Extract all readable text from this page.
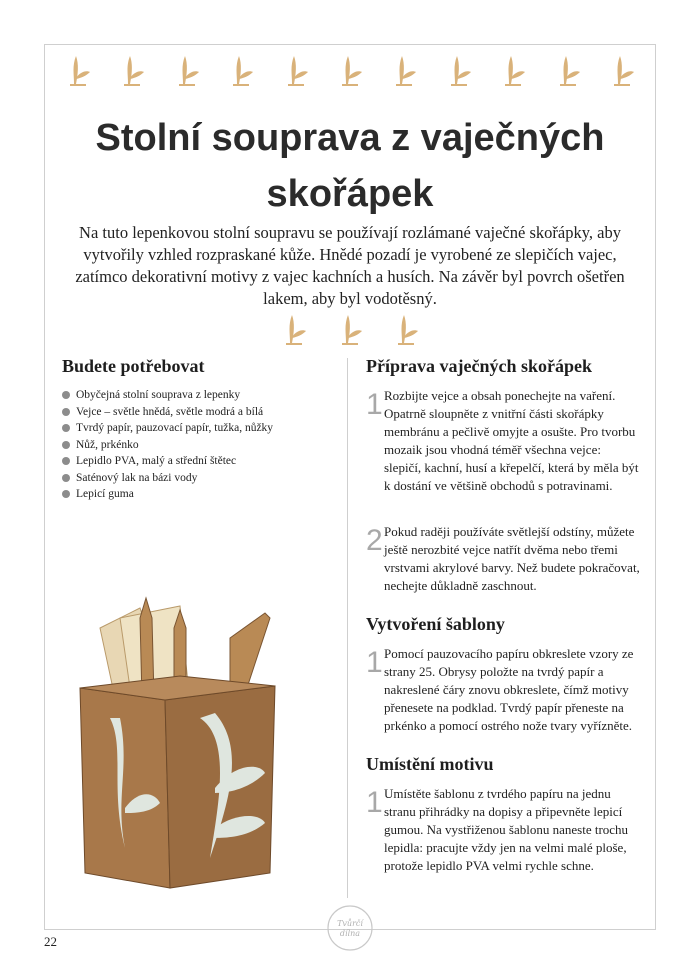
Stolní souprava z vaječných skořápek

Na tuto lepenkovou stolní soupravu se používají rozlámané vaječné skořápky, aby vytvořily vzhled rozpraskané kůže. Hnědé pozadí je vyrobené ze slepičích vajec, zatímco dekorativní motivy z vajec kachních a husích. Na závěr byl povrch ošetřen lakem, aby byl vodotěsný.

Budete potřebovat
Obyčejná stolní souprava z lepenky
Vejce – světle hnědá, světle modrá a bílá
Tvrdý papír, pauzovací papír, tužka, nůžky
Nůž, prkénko
Lepidlo PVA, malý a střední štětec
Saténový lak na bázi vody
Lepicí guma
Příprava vaječných skořápek
1 Rozbijte vejce a obsah ponechejte na vaření. Opatrně sloupněte z vnitřní části skořápky membránu a pečlivě omyjte a osušte. Pro tvorbu mozaik jsou vhodná téměř všechna vejce: slepičí, kachní, husí a křepelčí, která by měla být k dostání ve většině obchodů s potravinami.

2 Pokud raději používáte světlejší odstíny, můžete ještě nerozbité vejce natřít dvěma nebo třemi vrstvami akrylové barvy. Než budete pokračovat, nechejte důkladně zaschnout.

Vytvoření šablony
1 Pomocí pauzovacího papíru obkreslete vzory ze strany 25. Obrysy položte na tvrdý papír a nakreslené čáry znovu obkreslete, čímž motivy přenesete na podklad. Tvrdý papír přeneste na prkénko a pomocí ostrého nože tvary vyřízněte.

Umístění motivu
1 Umístěte šablonu z tvrdého papíru na jednu stranu přihrádky na dopisy a připevněte lepicí gumou. Na vystřiženou šablonu naneste trochu lepidla: pracujte vždy jen na velmi malé ploše, protože lepidlo PVA velmi rychle schne.

Tvůrčí
dílna
22
